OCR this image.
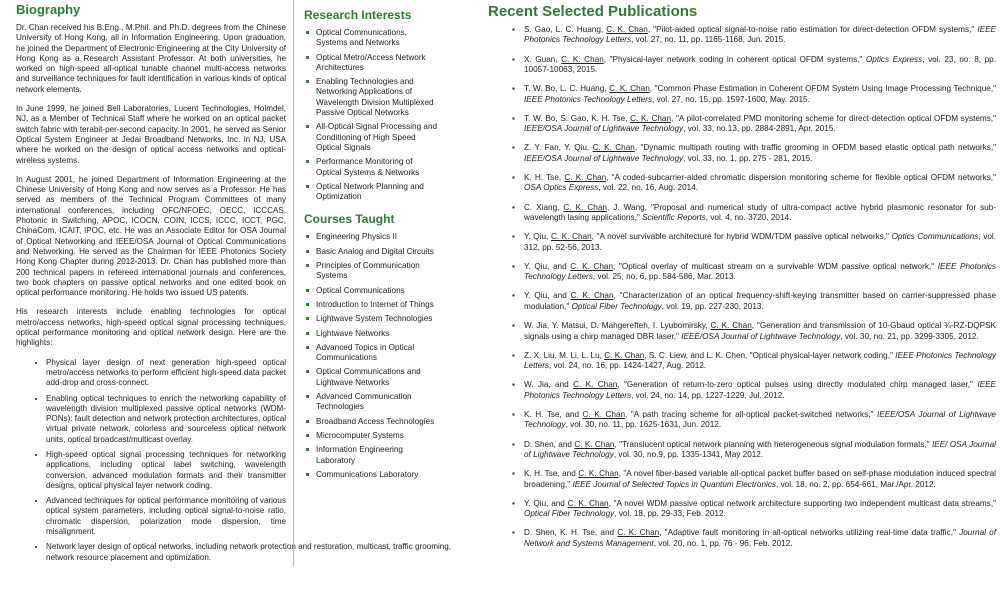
Biography

Dr. Chan received his B.Eng., M.Phil. and Ph.D. degrees from the Chinese University of Hong Kong, all in Information Engineering. Upon graduation, he joined the Department of Electronic Engineering at the City University of Hong Kong as a Research Assistant Professor. At both universities, he worked on high-speed all-optical tunable channel multi-access networks and surveillance techniques for fault identification in various kinds of optical network elements.

In June 1999, he joined Bell Laboratories, Lucent Technologies, Holmdel, NJ, as a Member of Technical Staff where he worked on an optical packet switch fabric with terabit-per-second capacity. In 2001, he served as Senior Optical System Engineer at Jedai Broadband Networks, Inc. in NJ, USA where he worked on the design of optical access networks and optical-wireless systems.

In August 2001, he joined Department of Information Engineering at the Chinese University of Hong Kong and now serves as a Professor. He has served as members of the Technical Program Committees of many international conferences, including OFC/NFOEC, OECC, ICCCAS, Photonic in Switching, APOC, ICOCN, COIN, ICCS, ICCC, ICCT, PGC, ChinaCom, ICAIT, IPOC, etc. He was an Associate Editor for OSA Journal of Optical Networking and IEEE/OSA Journal of Optical Communications and Networking. He served as the Chairman for IEEE Photonics Society Hong Kong Chapter during 2012-2013. Dr. Chan has published more than 200 technical papers in refereed international journals and conferences, two book chapters on passive optical networks and one edited book on optical performance monitoring. He holds two issued US patents.

His research interests include enabling technologies for optical metro/access networks, high-speed optical signal processing techniques, optical performance monitoring and optical network design. Here are the highlights:

• Physical layer design of next generation high-speed optical metro/access networks to perform efficient high-speed data packet add-drop and cross-connect.
• Enabling optical techniques to enrich the networking capability of wavelength division multiplexed passive optical networks (WDM-PONs): fault detection and network protection architectures, optical virtual private network, colorless and sourceless optical network units, optical broadcast/multicast overlay.
• High-speed optical signal processing techniques for networking applications, including optical label switching, wavelength conversion, advanced modulation formats and their transmitter designs, optical physical layer network coding.
• Advanced techniques for optical performance monitoring of various optical system parameters, including optical signal-to-noise ratio, chromatic dispersion, polarization mode dispersion, time misalignment.
• Network layer design of optical networks, including network protection and restoration, multicast, traffic grooming, network resource placement and optimization.
Research Interests
Optical Communications, Systems and Networks
Optical Metro/Access Network Architectures
Enabling Technologies and Networking Applications of Wavelength Division Multiplexed Passive Optical Networks
All-Optical Signal Processing and Conditioning of High Speed Optical Signals
Performance Monitoring of Optical Systems & Networks
Optical Network Planning and Optimization
Courses Taught
Engineering Physics II
Basic Analog and Digital Circuits
Principles of Communication Systems
Optical Communications
Introduction to Internet of Things
Lightwave System Technologies
Lightwave Networks
Advanced Topics in Optical Communications
Optical Communications and Lightwave Networks
Advanced Communication Technologies
Broadband Access Technologies
Microcomputer Systems
Information Engineering Laboratory
Communications Laboratory
Recent Selected Publications
▪ S. Gao, L. C. Huang, C. K. Chan, "Pilot-aided optical signal-to-noise ratio estimation for direct-detection OFDM systems," IEEE Photonics Technology Letters, vol. 27, no. 11, pp. 1165-1168, Jun. 2015.
▪ X. Guan, C. K. Chan, "Physical-layer network coding in coherent optical OFDM systems," Optics Express, vol. 23, no. 8, pp. 10057-10063, 2015.
▪ T. W. Bo, L. C. Huang, C. K. Chan, "Common Phase Estimation in Coherent OFDM System Using Image Processing Technique," IEEE Photonics Technology Letters, vol. 27, no. 15, pp. 1597-1600, May. 2015.
▪ T. W. Bo, S. Gao, K. H. Tse, C. K. Chan, "A pilot-correlated PMD monitoring scheme for direct-detection optical OFDM systems," IEEE/OSA Journal of Lightwave Technology, vol. 33, no.13, pp. 2884-2891, Apr. 2015.
▪ Z. Y. Fan, Y. Qiu, C. K. Chan, "Dynamic multipath routing with traffic grooming in OFDM based elastic optical path networks," IEEE/OSA Journal of Lightwave Technology, vol. 33, no. 1, pp. 275 - 281, 2015.
▪ K. H. Tse, C. K. Chan, "A coded-subcarrier-aided chromatic dispersion monitoring scheme for flexible optical OFDM networks," OSA Optics Express, vol. 22, no. 16, Aug. 2014.
▪ C. Xiang, C. K. Chan, J. Wang, "Proposal and numerical study of ultra-compact active hybrid plasmonic resonator for sub-wavelength lasing applications," Scientific Reports, vol. 4, no. 3720, 2014.
▪ Y. Qiu, C. K. Chan, "A novel survivable architecture for hybrid WDM/TDM passive optical networks," Optics Communications, vol. 312, pp. 52-56, 2013.
▪ Y. Qiu, and C. K. Chan, "Optical overlay of multicast stream on a survivable WDM passive optical network," IEEE Photonics Technology Letters, vol. 25, no. 6, pp. 584-586, Mar. 2013.
▪ Y. Qiu, and C. K. Chan, "Characterization of an optical frequency-shift-keying transmitter based on carrier-suppressed phase modulation," Optical Fiber Technology, vol. 19, pp. 227-230, 2013.
▪ W. Jia, Y. Matsui, D. Mahgerefteh, I. Lyubomirsky, C. K. Chan, "Generation and transmission of 10-Gbaud optical ¾-RZ-DQPSK signals using a chirp managed DBR laser," IEEE/OSA Journal of Lightwave Technology, vol. 30, no. 21, pp. 3299-3305, 2012.
▪ Z. X. Liu, M. Li, L. Lu, C. K. Chan, S. C. Liew, and L. K. Chen, "Optical physical-layer network coding," IEEE Photonics Technology Letters, vol. 24, no. 16, pp. 1424-1427, Aug. 2012.
▪ W. Jia, and C. K. Chan, "Generation of return-to-zero optical pulses using directly modulated chirp managed laser," IEEE Photonics Technology Letters, vol. 24, no. 14, pp. 1227-1229, Jul. 2012.
▪ K. H. Tse, and C. K. Chan, "A path tracing scheme for all-optical packet-switched networks," IEEE/OSA Journal of Lightwave Technology, vol. 30, no. 11, pp. 1625-1631, Jun. 2012.
▪ D. Shen, and C. K. Chan, "Translucent optical network planning with heterogeneous signal modulation formats," IEE/ OSA Journal of Lightwave Technology, vol. 30, no.9, pp. 1335-1341, May 2012.
▪ K. H. Tse, and C. K. Chan, "A novel fiber-based variable all-optical packet buffer based on self-phase modulation induced spectral broadening," IEEE Journal of Selected Topics in Quantum Electronics, vol. 18, no. 2, pp. 654-661, Mar./Apr. 2012.
▪ Y. Qiu, and C. K. Chan, "A novel WDM passive optical network architecture supporting two independent multicast data streams," Optical Fiber Technology, vol. 18, pp. 29-33, Feb. 2012.
▪ D. Shen, K. H. Tse, and C. K. Chan, "Adaptive fault monitoring in all-optical networks utilizing real-time data traffic," Journal of Network and Systems Management, vol. 20, no. 1, pp. 76 - 96, Feb. 2012.
